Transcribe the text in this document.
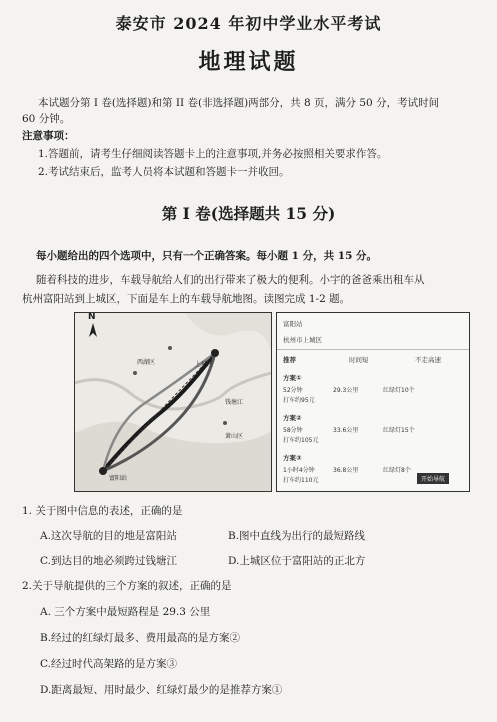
泰安市 2024 年初中学业水平考试
地理试题
本试题分第 I 卷(选择题)和第 II 卷(非选择题)两部分，共 8 页，满分 50 分，考试时间
60 分钟。
注意事项：
1.答题前，请考生仔细阅读答题卡上的注意事项,并务必按照相关要求作答。
2.考试结束后，监考人员将本试题和答题卡一并收回。
第 I 卷(选择题共 15 分)
每小题给出的四个选项中，只有一个正确答案。每小题 1 分，共 15 分。
随着科技的进步，车载导航给人们的出行带来了极大的便利。小宇的爸爸乘出租车从
杭州富阳站到上城区，下面是车上的车载导航地图。读图完成 1-2 题。
N
上城区
钱塘江
富阳站
西湖区
萧山区
富阳站
杭州市上城区
推荐	时间短	不走高速
方案①
52分钟	29.3公里	红绿灯10个
打车约95元
方案②
58分钟	33.6公里	红绿灯15个
打车约105元
方案③
1小时4分钟	36.8公里	红绿灯8个
打车约110元	开始导航
1. 关于图中信息的表述，正确的是
A.这次导航的目的地是富阳站	B.图中直线为出行的最短路线
C.到达目的地必须跨过钱塘江	D.上城区位于富阳站的正北方
2.关于导航提供的三个方案的叙述，正确的是
A. 三个方案中最短路程是 29.3 公里
B.经过的红绿灯最多、费用最高的是方案②
C.经过时代高架路的是方案③
D.距离最短、用时最少、红绿灯最少的是推荐方案①
